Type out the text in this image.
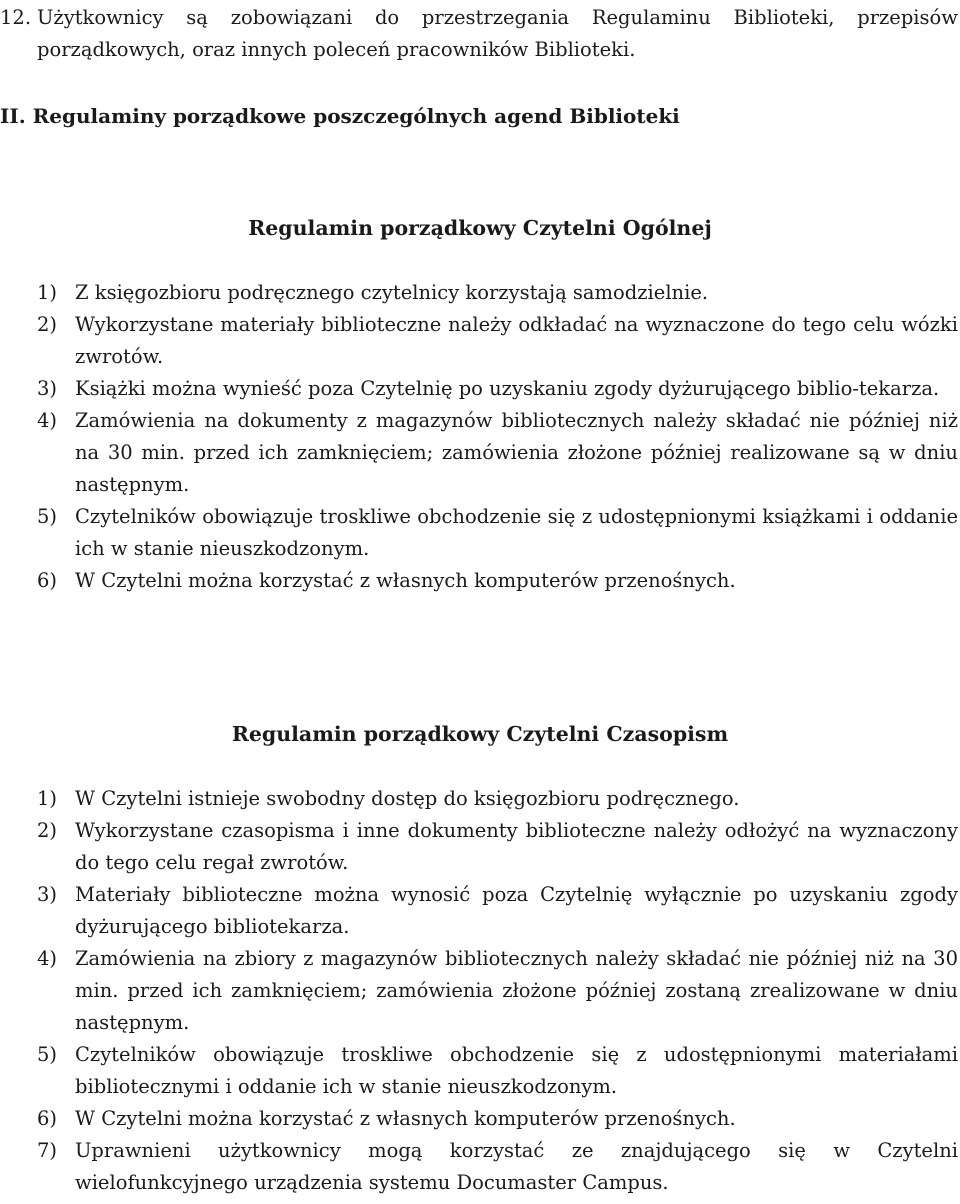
12. Użytkownicy są zobowiązani do przestrzegania Regulaminu Biblioteki, przepisów porządkowych, oraz innych poleceń pracowników Biblioteki.
II. Regulaminy porządkowe poszczególnych agend Biblioteki
Regulamin porządkowy Czytelni Ogólnej
1) Z księgozbioru podręcznego czytelnicy korzystają samodzielnie.
2) Wykorzystane materiały biblioteczne należy odkładać na wyznaczone do tego celu wózki zwrotów.
3) Książki można wynieść poza Czytelnię po uzyskaniu zgody dyżurującego biblio-tekarza.
4) Zamówienia na dokumenty z magazynów bibliotecznych należy składać nie później niż na 30 min. przed ich zamknięciem; zamówienia złożone później realizowane są w dniu następnym.
5) Czytelników obowiązuje troskliwe obchodzenie się z udostępnionymi książkami i oddanie ich w stanie nieuszkodzonym.
6) W Czytelni można korzystać z własnych komputerów przenośnych.
Regulamin porządkowy Czytelni Czasopism
1) W Czytelni istnieje swobodny dostęp do księgozbioru podręcznego.
2) Wykorzystane czasopisma i inne dokumenty biblioteczne należy odłożyć na wyznaczony do tego celu regał zwrotów.
3) Materiały biblioteczne można wynosić poza Czytelnię wyłącznie po uzyskaniu zgody dyżurującego bibliotekarza.
4) Zamówienia na zbiory z magazynów bibliotecznych należy składać nie później niż na 30 min. przed ich zamknięciem; zamówienia złożone później zostaną zrealizowane w dniu następnym.
5) Czytelników obowiązuje troskliwe obchodzenie się z udostępnionymi materiałami bibliotecznymi i oddanie ich w stanie nieuszkodzonym.
6) W Czytelni można korzystać z własnych komputerów przenośnych.
7) Uprawnieni użytkownicy mogą korzystać ze znajdującego się w Czytelni wielofunkcyjnego urządzenia systemu Documaster Campus.
